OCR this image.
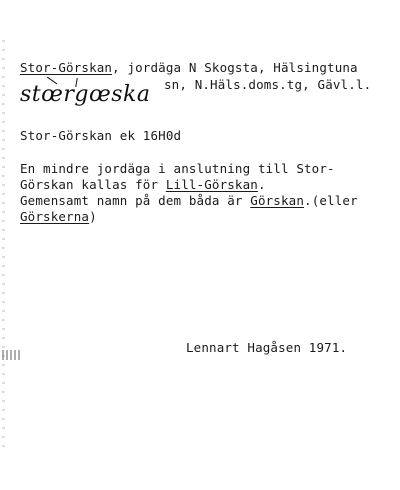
Stor-Görskan, jordäga N Skogsta, Hälsingtuna
sn, N.Häls.doms.tg, Gävl.l.
stœrgœska
Stor-Görskan ek 16H0d
En mindre jordäga i anslutning till Stor-
Görskan kallas för Lill-Görskan.
Gemensamt namn på dem båda är Görskan.(eller
Görskerna)
Lennart Hagåsen 1971.
